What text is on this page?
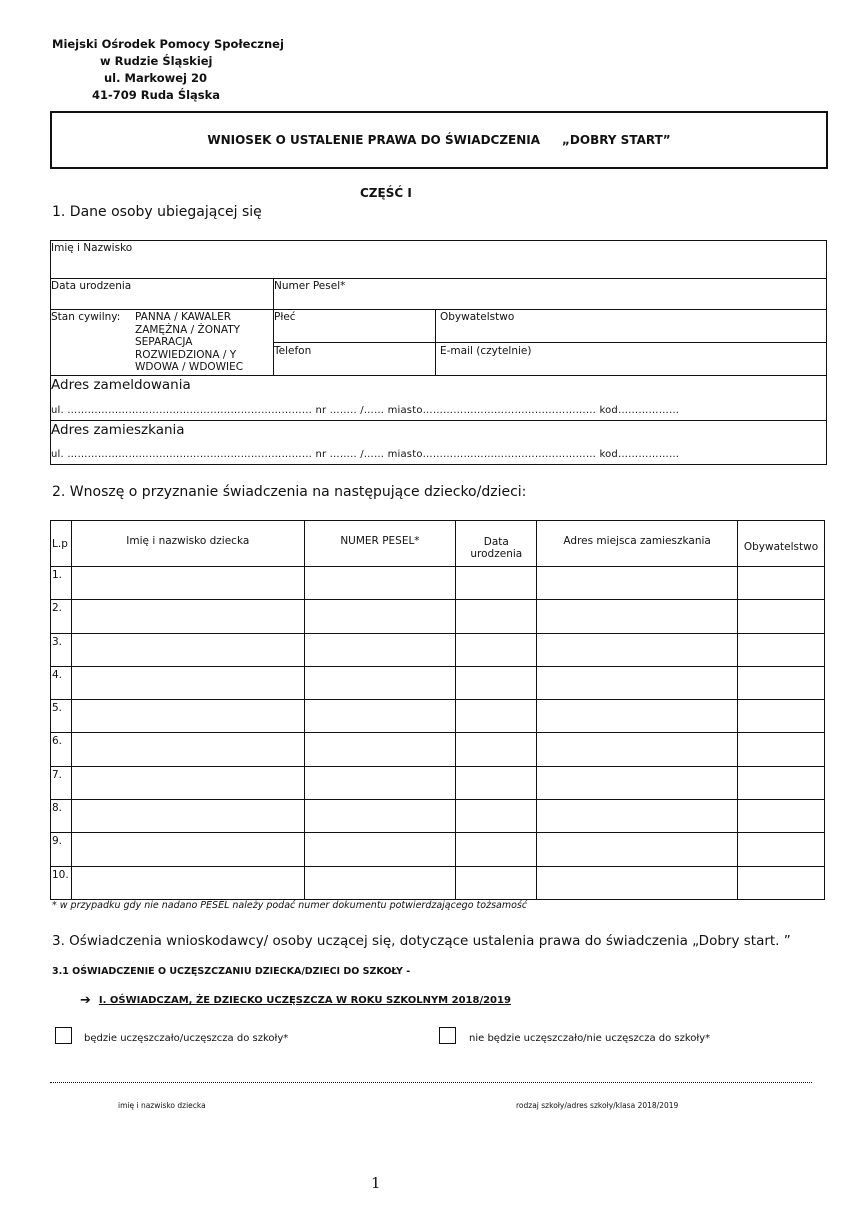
Miejski Ośrodek Pomocy Społecznej
w Rudzie Śląskiej
ul. Markowej 20
41-709 Ruda Śląska
WNIOSEK O USTALENIE PRAWA DO ŚWIADCZENIA „DOBRY START”
CZĘŚĆ I
1. Dane osoby ubiegającej się
Imię i Nazwisko
Data urodzenia	Numer Pesel*
Stan cywilny: PANNA / KAWALER
ZAMĘŻNA / ŻONATY
SEPARACJA
ROZWIEDZIONA / Y
WDOWA / WDOWIEC
Płeć	Obywatelstwo
Telefon	E-mail (czytelnie)
Adres zameldowania
ul. ……………………………………………………………… nr …….. /…… miasto…………………………………………… kod………………
Adres zamieszkania
ul. ……………………………………………………………… nr …….. /…… miasto…………………………………………… kod………………
2. Wnoszę o przyznanie świadczenia na następujące dziecko/dzieci:
L.p	Imię i nazwisko dziecka	NUMER PESEL*	Data urodzenia	Adres miejsca zamieszkania	Obywatelstwo
1.					
2.					
3.					
4.					
5.					
6.					
7.					
8.					
9.					
10.					
* w przypadku gdy nie nadano PESEL należy podać numer dokumentu potwierdzającego tożsamość
3. Oświadczenia wnioskodawcy/ osoby uczącej się, dotyczące ustalenia prawa do świadczenia „Dobry start. ”
3.1 OŚWIADCZENIE O UCZĘSZCZANIU DZIECKA/DZIECI DO SZKOŁY -
➔ I. OŚWIADCZAM, ŻE DZIECKO UCZĘSZCZA W ROKU SZKOLNYM 2018/2019
będzie uczęszczało/uczęszcza do szkoły*	nie będzie uczęszczało/nie uczęszcza do szkoły*
imię i nazwisko dziecka	rodzaj szkoły/adres szkoły/klasa 2018/2019
1
